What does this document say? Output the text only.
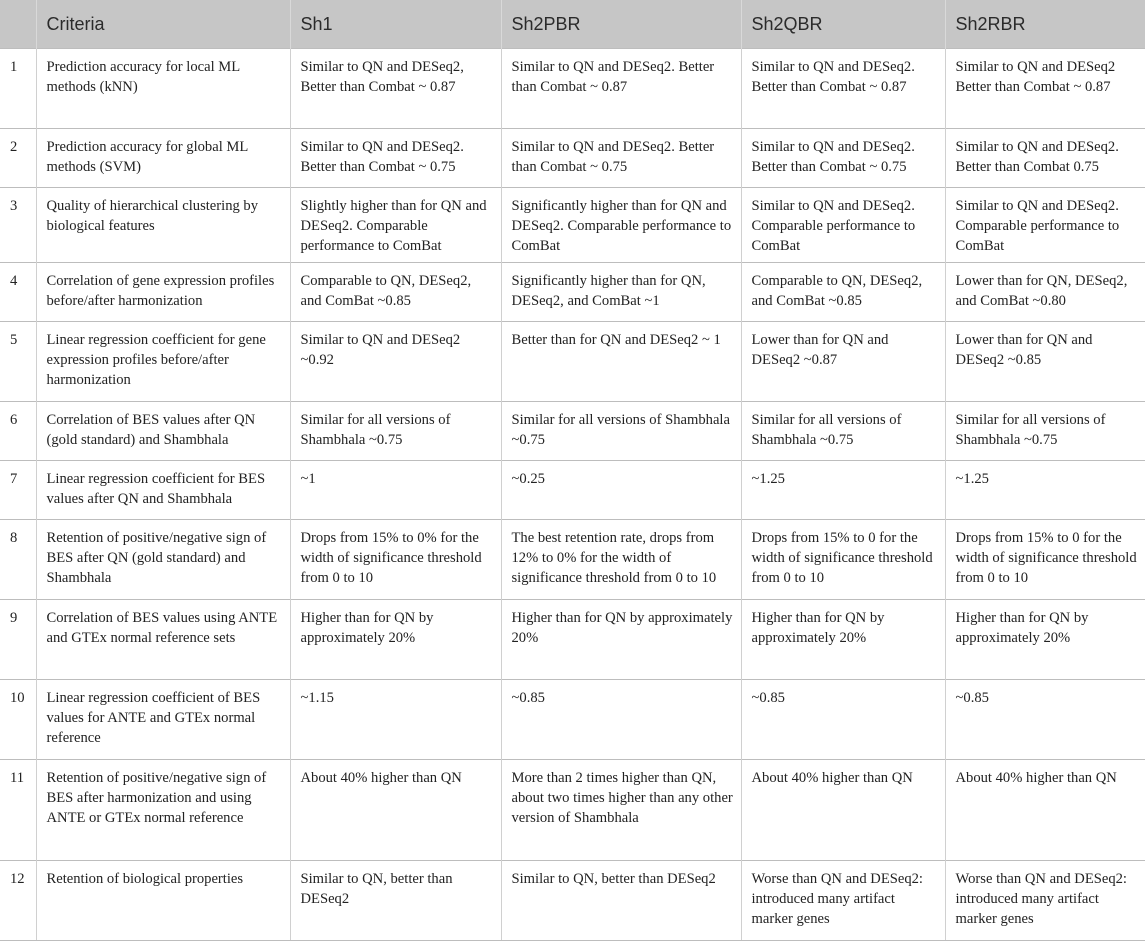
	Criteria	Sh1	Sh2PBR	Sh2QBR	Sh2RBR
1	Prediction accuracy for local ML methods (kNN)	Similar to QN and DESeq2, Better than Combat ~ 0.87	Similar to QN and DESeq2. Better than Combat ~ 0.87	Similar to QN and DESeq2. Better than Combat ~ 0.87	Similar to QN and DESeq2 Better than Combat ~ 0.87
2	Prediction accuracy for global ML methods (SVM)	Similar to QN and DESeq2. Better than Combat ~ 0.75	Similar to QN and DESeq2. Better than Combat ~ 0.75	Similar to QN and DESeq2. Better than Combat ~ 0.75	Similar to QN and DESeq2. Better than Combat 0.75
3	Quality of hierarchical clustering by biological features	Slightly higher than for QN and DESeq2. Comparable performance to ComBat	Significantly higher than for QN and DESeq2. Comparable performance to ComBat	Similar to QN and DESeq2. Comparable performance to ComBat	Similar to QN and DESeq2. Comparable performance to ComBat
4	Correlation of gene expression profiles before/after harmonization	Comparable to QN, DESeq2, and ComBat ~0.85	Significantly higher than for QN, DESeq2, and ComBat ~1	Comparable to QN, DESeq2, and ComBat ~0.85	Lower than for QN, DESeq2, and ComBat ~0.80
5	Linear regression coefficient for gene expression profiles before/after harmonization	Similar to QN and DESeq2 ~0.92	Better than for QN and DESeq2 ~ 1	Lower than for QN and DESeq2 ~0.87	Lower than for QN and DESeq2 ~0.85
6	Correlation of BES values after QN (gold standard) and Shambhala	Similar for all versions of Shambhala ~0.75	Similar for all versions of Shambhala ~0.75	Similar for all versions of Shambhala ~0.75	Similar for all versions of Shambhala ~0.75
7	Linear regression coefficient for BES values after QN and Shambhala	~1	~0.25	~1.25	~1.25
8	Retention of positive/negative sign of BES after QN (gold standard) and Shambhala	Drops from 15% to 0% for the width of significance threshold from 0 to 10	The best retention rate, drops from 12% to 0% for the width of significance threshold from 0 to 10	Drops from 15% to 0 for the width of significance threshold from 0 to 10	Drops from 15% to 0 for the width of significance threshold from 0 to 10
9	Correlation of BES values using ANTE and GTEx normal reference sets	Higher than for QN by approximately 20%	Higher than for QN by approximately 20%	Higher than for QN by approximately 20%	Higher than for QN by approximately 20%
10	Linear regression coefficient of BES values for ANTE and GTEx normal reference	~1.15	~0.85	~0.85	~0.85
11	Retention of positive/negative sign of BES after harmonization and using ANTE or GTEx normal reference	About 40% higher than QN	More than 2 times higher than QN, about two times higher than any other version of Shambhala	About 40% higher than QN	About 40% higher than QN
12	Retention of biological properties	Similar to QN, better than DESeq2	Similar to QN, better than DESeq2	Worse than QN and DESeq2: introduced many artifact marker genes	Worse than QN and DESeq2: introduced many artifact marker genes
